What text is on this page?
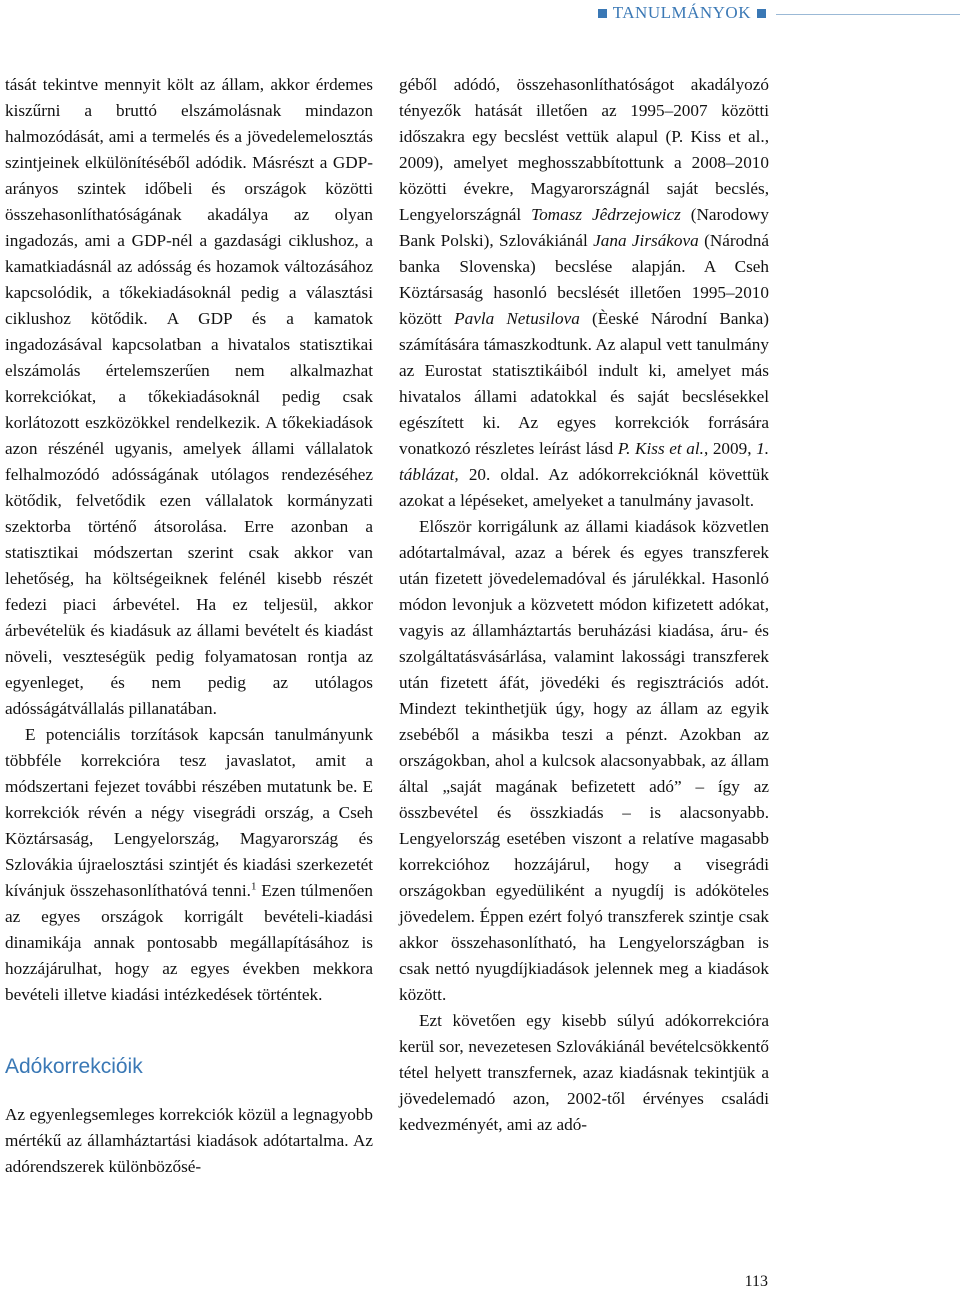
TANULMÁNYOK

tását tekintve mennyit költ az állam, akkor érdemes kiszűrni a bruttó elszámolásnak mindazon halmozódását, ami a termelés és a jövedelemelosztás szintjeinek elkülönítéséből adódik. Másrészt a GDP-arányos szintek időbeli és országok közötti összehasonlíthatóságának akadálya az olyan ingadozás, ami a GDP-nél a gazdasági ciklushoz, a kamatkiadásnál az adósság és hozamok változásához kapcsolódik, a tőkekiadásoknál pedig a választási ciklushoz kötődik. A GDP és a kamatok ingadozásával kapcsolatban a hivatalos statisztikai elszámolás értelemszerűen nem alkalmazhat korrekciókat, a tőkekiadásoknál pedig csak korlátozott eszközökkel rendelkezik. A tőkekiadások azon részénél ugyanis, amelyek állami vállalatok felhalmozódó adósságának utólagos rendezéséhez kötődik, felvetődik ezen vállalatok kormányzati szektorba történő átsorolása. Erre azonban a statisztikai módszertan szerint csak akkor van lehetőség, ha költségeiknek felénél kisebb részét fedezi piaci árbevétel. Ha ez teljesül, akkor árbevételük és kiadásuk az állami bevételt és kiadást növeli, veszteségük pedig folyamatosan rontja az egyenleget, és nem pedig az utólagos adósságátvállalás pillanatában.

E potenciális torzítások kapcsán tanulmányunk többféle korrekcióra tesz javaslatot, amit a módszertani fejezet további részében mutatunk be. E korrekciók révén a négy visegrádi ország, a Cseh Köztársaság, Lengyelország, Magyarország és Szlovákia újraelosztási szintjét és kiadási szerkezetét kívánjuk összehasonlíthatóvá tenni.$^1$ Ezen túlmenően az egyes országok korrigált bevételi-kiadási dinamikája annak pontosabb megállapításához is hozzájárulhat, hogy az egyes években mekkora bevételi illetve kiadási intézkedések történtek.

Adókorrekcióik

Az egyenlegsemleges korrekciók közül a legnagyobb mértékű az államháztartási kiadások adótartalma. Az adórendszerek különbözősé-

géből adódó, összehasonlíthatóságot akadályozó tényezők hatását illetően az 1995–2007 közötti időszakra egy becslést vettük alapul (P. Kiss et al., 2009), amelyet meghosszabbítottunk a 2008–2010 közötti évekre, Magyarországnál saját becslés, Lengyelországnál Tomasz Jêdrzejowicz (Narodowy Bank Polski), Szlovákiánál Jana Jirsákova (Národná banka Slovenska) becslése alapján. A Cseh Köztársaság hasonló becslését illetően 1995–2010 között Pavla Netusilova (Èeské Národní Banka) számítására támaszkodtunk. Az alapul vett tanulmány az Eurostat statisztikáiból indult ki, amelyet más hivatalos állami adatokkal és saját becslésekkel egészített ki. Az egyes korrekciók forrására vonatkozó részletes leírást lásd P. Kiss et al., 2009, 1. táblázat, 20. oldal. Az adókorrekcióknál követtük azokat a lépéseket, amelyeket a tanulmány javasolt.

Először korrigálunk az állami kiadások közvetlen adótartalmával, azaz a bérek és egyes transzferek után fizetett jövedelemadóval és járulékkal. Hasonló módon levonjuk a közvetett módon kifizetett adókat, vagyis az államháztartás beruházási kiadása, áru- és szolgáltatásvásárlása, valamint lakossági transzferek után fizetett áfát, jövedéki és regisztrációs adót. Mindezt tekinthetjük úgy, hogy az állam az egyik zsebéből a másikba teszi a pénzt. Azokban az országokban, ahol a kulcsok alacsonyabbak, az állam által „saját magának befizetett adó” – így az összbevétel és összkiadás – is alacsonyabb. Lengyelország esetében viszont a relatíve magasabb korrekcióhoz hozzájárul, hogy a visegrádi országokban egyedüliként a nyugdíj is adóköteles jövedelem. Éppen ezért folyó transzferek szintje csak akkor összehasonlítható, ha Lengyelországban is csak nettó nyugdíjkiadások jelennek meg a kiadások között.

Ezt követően egy kisebb súlyú adókorrekcióra kerül sor, nevezetesen Szlovákiánál bevételcsökkentő tétel helyett transzfernek, azaz kiadásnak tekintjük a jövedelemadó azon, 2002-től érvényes családi kedvezményét, ami az adó-

113
